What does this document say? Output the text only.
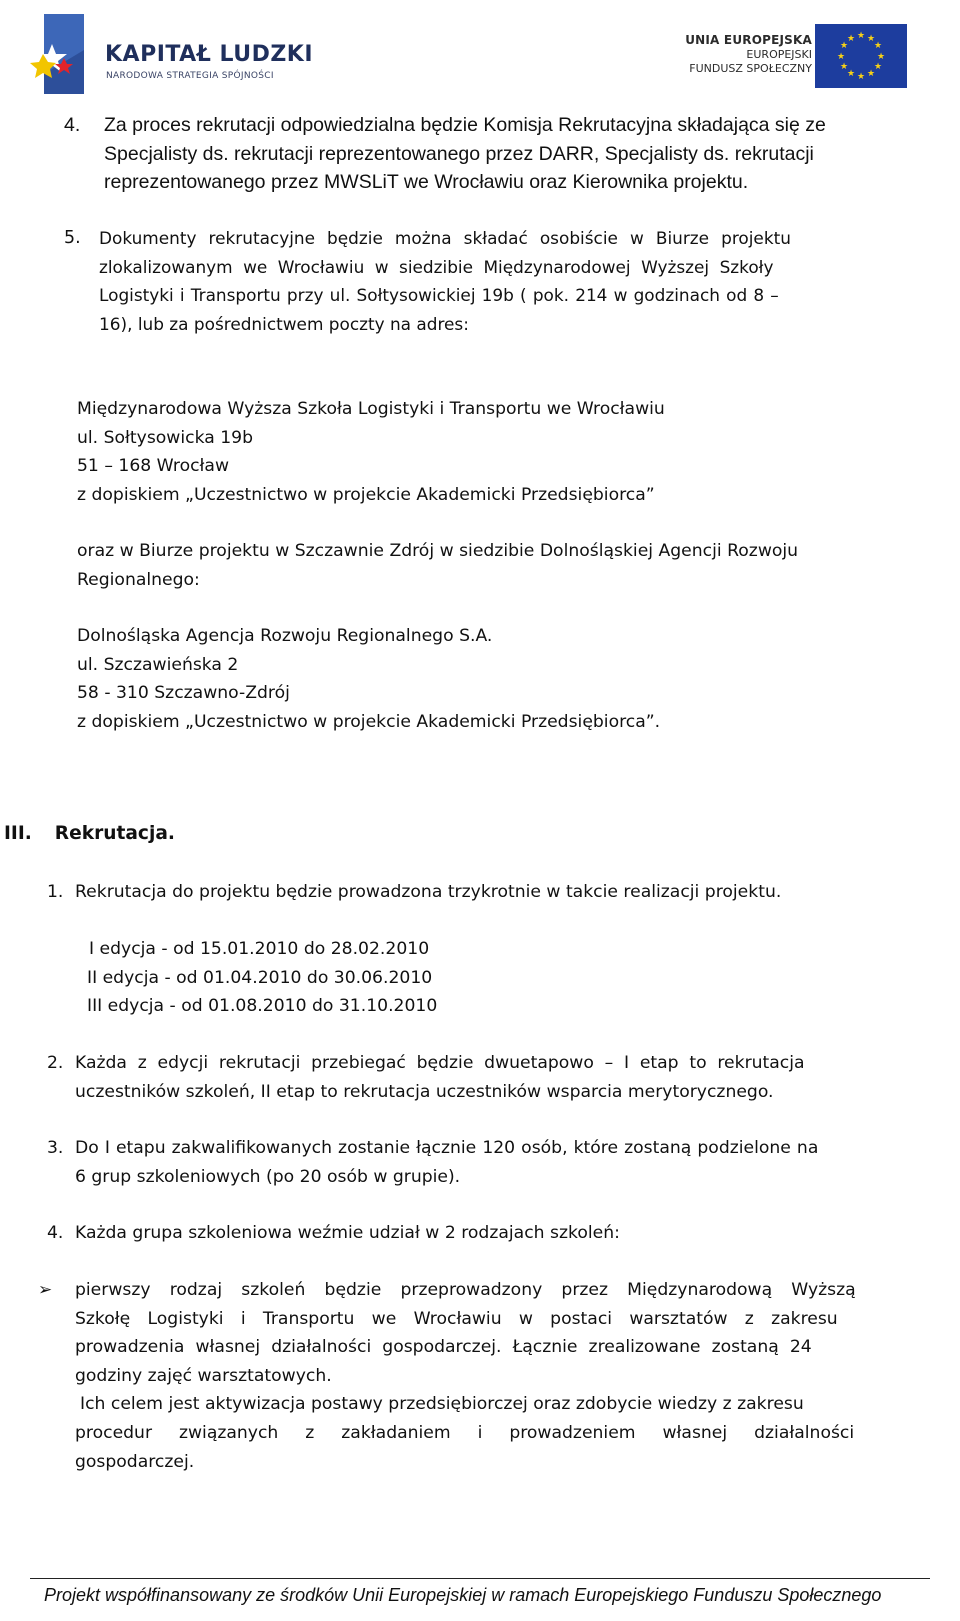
KAPITAŁ LUDZKI
NARODOWA STRATEGIA SPÓJNOŚCI
UNIA EUROPEJSKA
EUROPEJSKI
FUNDUSZ SPOŁECZNY
★ ★
★
★
★
★
★
★
★
★
★
★
4. Za proces rekrutacji odpowiedzialna będzie Komisja Rekrutacyjna składająca się ze
Specjalisty ds. rekrutacji reprezentowanego przez DARR, Specjalisty ds. rekrutacji
reprezentowanego przez MWSLiT we Wrocławiu oraz Kierownika projektu.
5. Dokumenty rekrutacyjne będzie można składać osobiście w Biurze projektu
zlokalizowanym we Wrocławiu w siedzibie Międzynarodowej Wyższej Szkoły
Logistyki i Transportu przy ul. Sołtysowickiej 19b ( pok. 214 w godzinach od 8 –
16), lub za pośrednictwem poczty na adres:
Międzynarodowa Wyższa Szkoła Logistyki i Transportu we Wrocławiu
ul. Sołtysowicka 19b
51 – 168 Wrocław
z dopiskiem „Uczestnictwo w projekcie Akademicki Przedsiębiorca”
oraz w Biurze projektu w Szczawnie Zdrój w siedzibie Dolnośląskiej Agencji Rozwoju
Regionalnego:
Dolnośląska Agencja Rozwoju Regionalnego S.A.
ul. Szczawieńska 2
58 - 310 Szczawno-Zdrój
z dopiskiem „Uczestnictwo w projekcie Akademicki Przedsiębiorca”.
III. Rekrutacja.
1. Rekrutacja do projektu będzie prowadzona trzykrotnie w takcie realizacji projektu.
I edycja - od 15.01.2010 do 28.02.2010
II edycja - od 01.04.2010 do 30.06.2010
III edycja - od 01.08.2010 do 31.10.2010
2. Każda z edycji rekrutacji przebiegać będzie dwuetapowo – I etap to rekrutacja
uczestników szkoleń, II etap to rekrutacja uczestników wsparcia merytorycznego.
3. Do I etapu zakwalifikowanych zostanie łącznie 120 osób, które zostaną podzielone na
6 grup szkoleniowych (po 20 osób w grupie).
4. Każda grupa szkoleniowa weźmie udział w 2 rodzajach szkoleń:
➢ pierwszy rodzaj szkoleń będzie przeprowadzony przez Międzynarodową Wyższą
Szkołę Logistyki i Transportu we Wrocławiu w postaci warsztatów z zakresu
prowadzenia własnej działalności gospodarczej. Łącznie zrealizowane zostaną 24
godziny zajęć warsztatowych.
Ich celem jest aktywizacja postawy przedsiębiorczej oraz zdobycie wiedzy z zakresu
procedur związanych z zakładaniem i prowadzeniem własnej działalności
gospodarczej.
Projekt współfinansowany ze środków Unii Europejskiej w ramach Europejskiego Funduszu Społecznego
